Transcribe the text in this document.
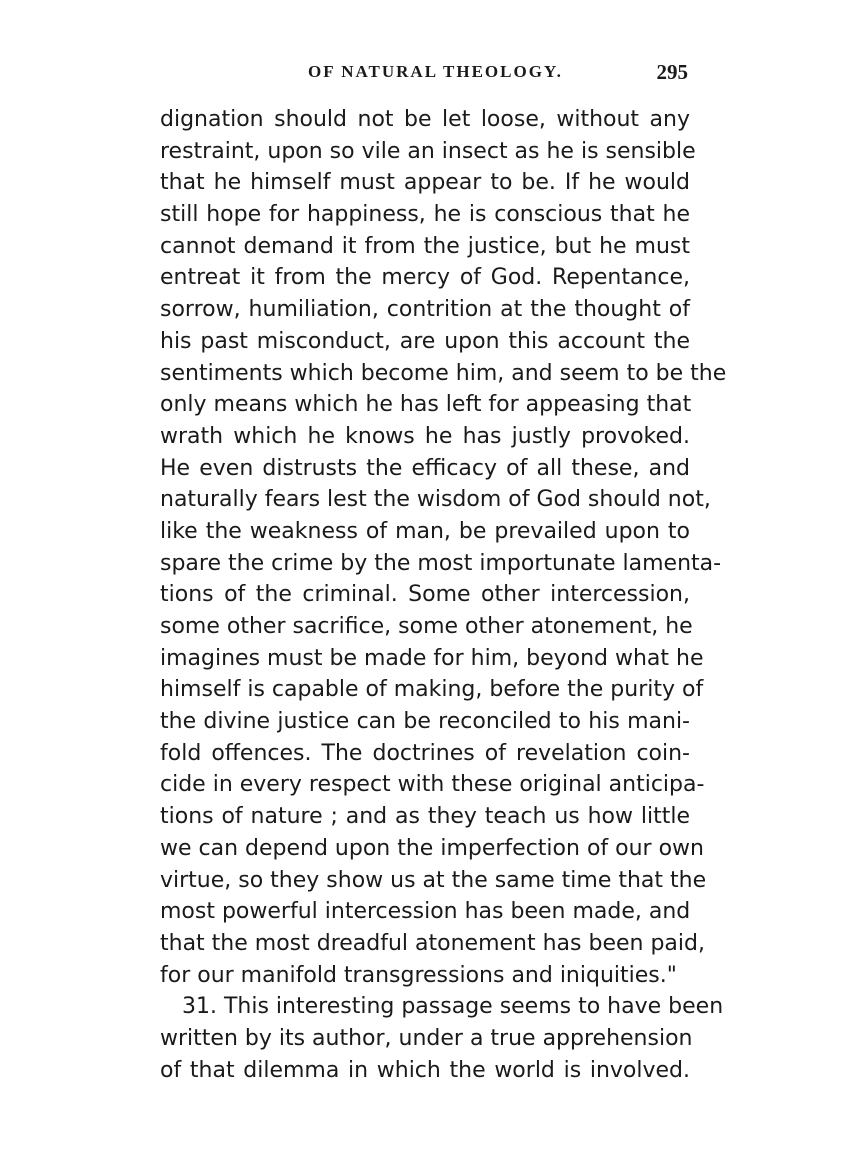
OF NATURAL THEOLOGY.	295
dignation should not be let loose, without any
restraint, upon so vile an insect as he is sensible
that he himself must appear to be. If he would
still hope for happiness, he is conscious that he
cannot demand it from the justice, but he must
entreat it from the mercy of God. Repentance,
sorrow, humiliation, contrition at the thought of
his past misconduct, are upon this account the
sentiments which become him, and seem to be the
only means which he has left for appeasing that
wrath which he knows he has justly provoked.
He even distrusts the efficacy of all these, and
naturally fears lest the wisdom of God should not,
like the weakness of man, be prevailed upon to
spare the crime by the most importunate lamenta-
tions of the criminal. Some other intercession,
some other sacrifice, some other atonement, he
imagines must be made for him, beyond what he
himself is capable of making, before the purity of
the divine justice can be reconciled to his mani-
fold offences. The doctrines of revelation coin-
cide in every respect with these original anticipa-
tions of nature ; and as they teach us how little
we can depend upon the imperfection of our own
virtue, so they show us at the same time that the
most powerful intercession has been made, and
that the most dreadful atonement has been paid,
for our manifold transgressions and iniquities."
31. This interesting passage seems to have been
written by its author, under a true apprehension
of that dilemma in which the world is involved.
